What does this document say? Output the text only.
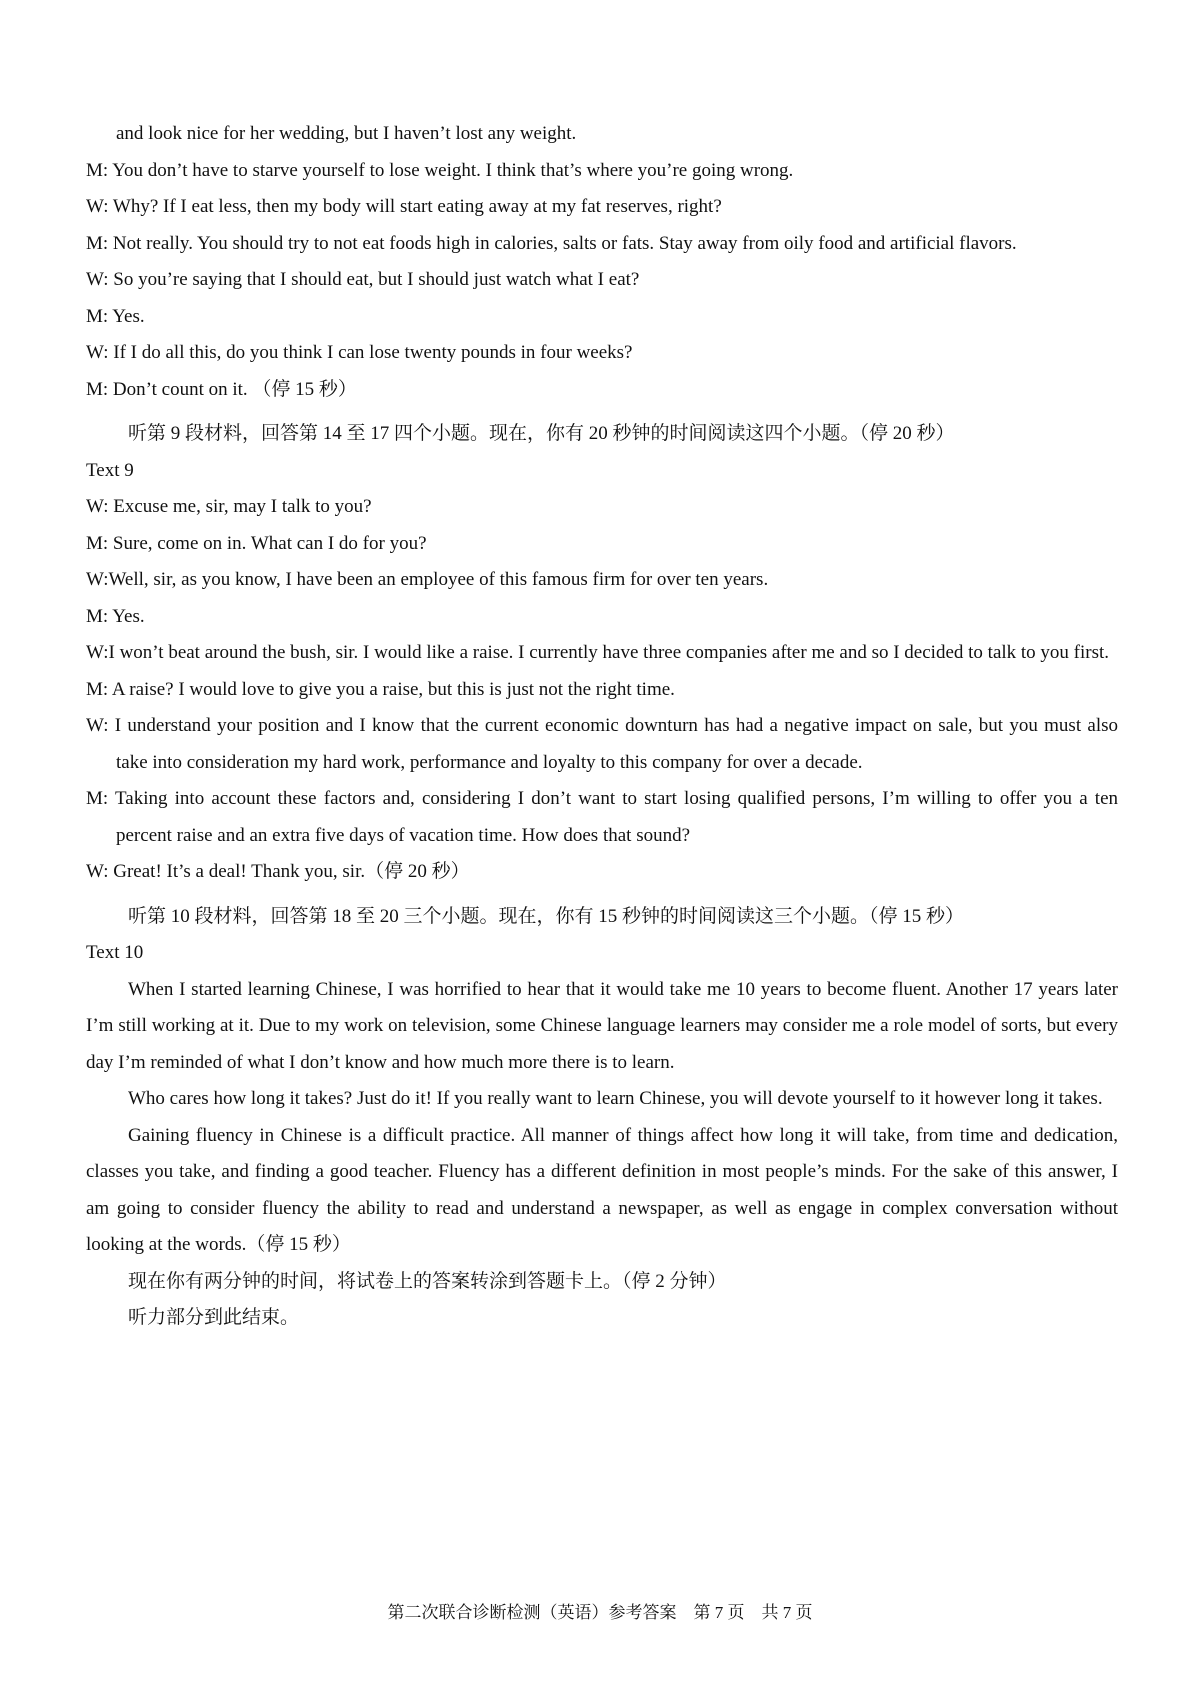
and look nice for her wedding, but I haven’t lost any weight.

M: You don’t have to starve yourself to lose weight. I think that’s where you’re going wrong.

W: Why? If I eat less, then my body will start eating away at my fat reserves, right?

M: Not really. You should try to not eat foods high in calories, salts or fats. Stay away from oily food and artificial flavors.

W: So you’re saying that I should eat, but I should just watch what I eat?

M: Yes.

W: If I do all this, do you think I can lose twenty pounds in four weeks?

M: Don’t count on it. （停 15 秒）

听第 9 段材料，回答第 14 至 17 四个小题。现在，你有 20 秒钟的时间阅读这四个小题。（停 20 秒）

Text 9

W: Excuse me, sir, may I talk to you?

M: Sure, come on in. What can I do for you?

W:Well, sir, as you know, I have been an employee of this famous firm for over ten years.

M: Yes.

W:I won’t beat around the bush, sir. I would like a raise. I currently have three companies after me and so I decided to talk to you first.

M: A raise? I would love to give you a raise, but this is just not the right time.

W: I understand your position and I know that the current economic downturn has had a negative impact on sale, but you must also take into consideration my hard work, performance and loyalty to this company for over a decade.

M: Taking into account these factors and, considering I don’t want to start losing qualified persons, I’m willing to offer you a ten percent raise and an extra five days of vacation time. How does that sound?

W: Great! It’s a deal! Thank you, sir.（停 20 秒）

听第 10 段材料，回答第 18 至 20 三个小题。现在，你有 15 秒钟的时间阅读这三个小题。（停 15 秒）

Text 10

When I started learning Chinese, I was horrified to hear that it would take me 10 years to become fluent. Another 17 years later I’m still working at it. Due to my work on television, some Chinese language learners may consider me a role model of sorts, but every day I’m reminded of what I don’t know and how much more there is to learn.

Who cares how long it takes? Just do it! If you really want to learn Chinese, you will devote yourself to it however long it takes.

Gaining fluency in Chinese is a difficult practice. All manner of things affect how long it will take, from time and dedication, classes you take, and finding a good teacher. Fluency has a different definition in most people’s minds. For the sake of this answer, I am going to consider fluency the ability to read and understand a newspaper, as well as engage in complex conversation without looking at the words.（停 15 秒）

现在你有两分钟的时间，将试卷上的答案转涂到答题卡上。（停 2 分钟）

听力部分到此结束。

第二次联合诊断检测（英语）参考答案　第 7 页　共 7 页
